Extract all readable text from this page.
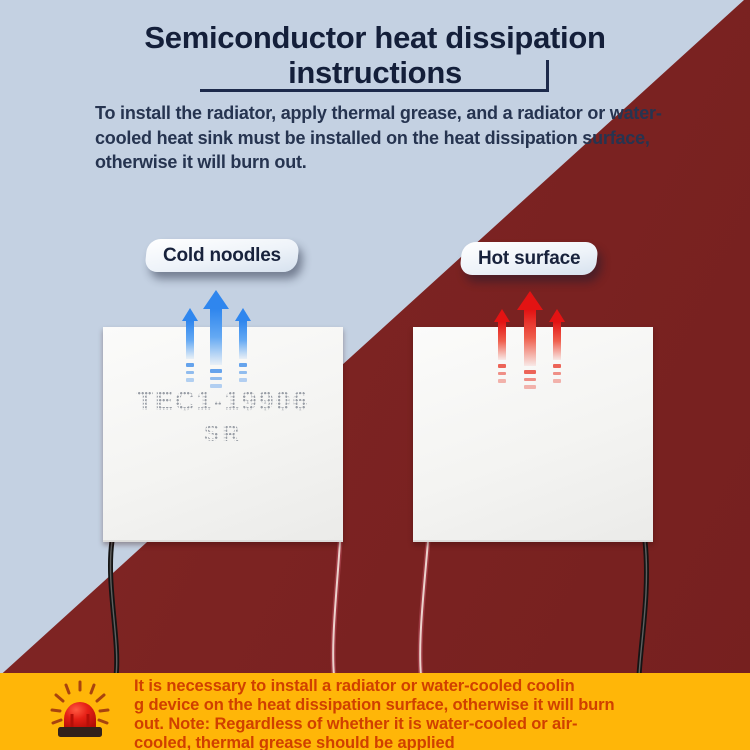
Semiconductor heat dissipation
instructions
To install the radiator, apply thermal grease, and a radiator or water-
cooled heat sink must be installed on the heat dissipation surface,
otherwise it will burn out.
TEC1-19906
SR
Cold noodles	Hot surface
It is necessary to install a radiator or water-cooled coolin
g device on the heat dissipation surface, otherwise it will burn
out. Note: Regardless of whether it is water-cooled or air-
cooled, thermal grease should be applied
